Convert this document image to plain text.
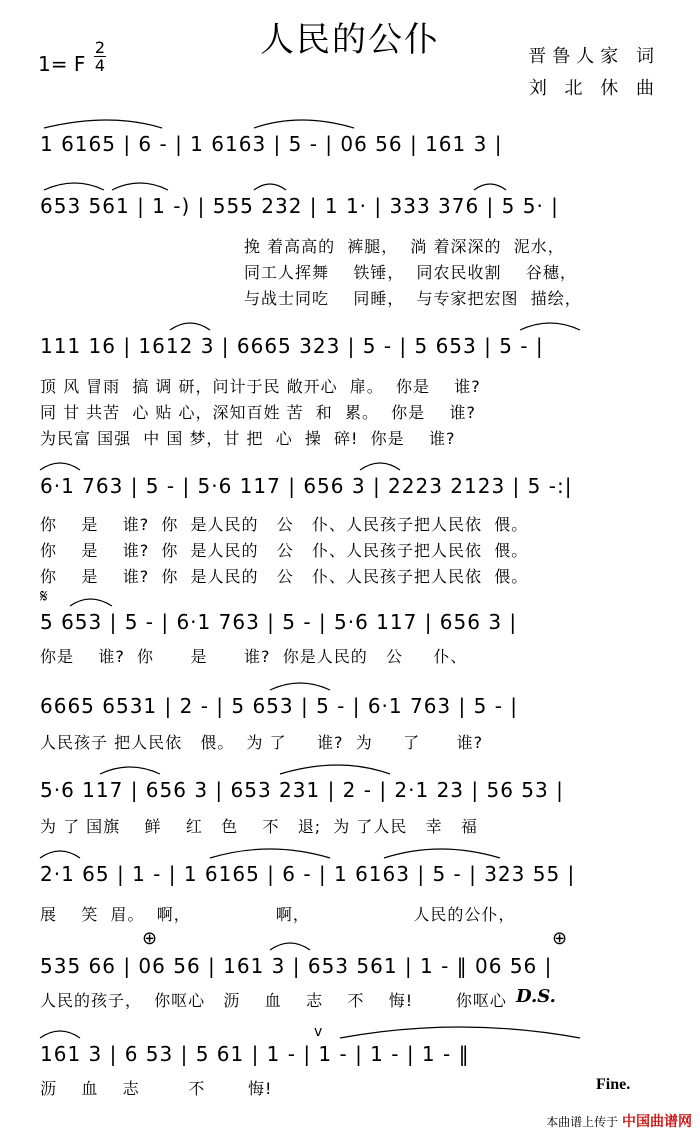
人民的公仆
1= F
2
4	晋鲁人家 词
刘 北 休 曲
1 6165 | 6 - | 1 6163 | 5 - | 06 56 | 161 3 |
653 561 | 1 -) | 555 232 | 1 1· | 333 376 | 5 5· |
挽 着高高的  裤腿，  淌 着深深的  泥水，
同工人挥舞    铁锤，  同农民收割    谷穗，
与战士同吃    同睡，  与专家把宏图  描绘，
111 16 | 1612 3 | 6665 323 | 5 - | 5 653 | 5 - |
顶 风 冒雨  搞 调 研，问计于民 敞开心  扉。  你是    谁?
同 甘 共苦  心 贴 心，深知百姓 苦  和  累。  你是    谁?
为民富 国强  中 国 梦，甘 把  心  操  碎!  你是    谁?
6·1 763 | 5 - | 5·6 117 | 656 3 | 2223 2123 | 5 -:|
你    是    谁?  你  是人民的   公   仆、人民孩子把人民依  偎。
你    是    谁?  你  是人民的   公   仆、人民孩子把人民依  偎。
你    是    谁?  你  是人民的   公   仆、人民孩子把人民依  偎。
𝄋
5 653 | 5 - | 6·1 763 | 5 - | 5·6 117 | 656 3 |
你是    谁?  你      是      谁?  你是人民的   公     仆、
6665 6531 | 2 - | 5 653 | 5 - | 6·1 763 | 5 - |
人民孩子 把人民依   偎。  为 了     谁?  为     了      谁?
5·6 117 | 656 3 | 653 231 | 2 - | 2·1 23 | 56 53 |
为 了 国旗    鲜    红   色    不   退;  为 了人民   幸   福
2·1 65 | 1 - | 1 6165 | 6 - | 1 6163 | 5 - | 323 55 |
展    笑  眉。  啊，              啊，                 人民的公仆，
⊕	⊕
535 66 | 06 56 | 161 3 | 653 561 | 1 - ‖ 06 56 |
人民的孩子，  你呕心   沥    血    志    不    悔!       你呕心 D.S.
v
161 3 | 6 53 | 5 61 | 1 - | 1 - | 1 - | 1 - ‖
沥    血    志        不       悔!	Fine.
本曲谱上传于 中国曲谱网
